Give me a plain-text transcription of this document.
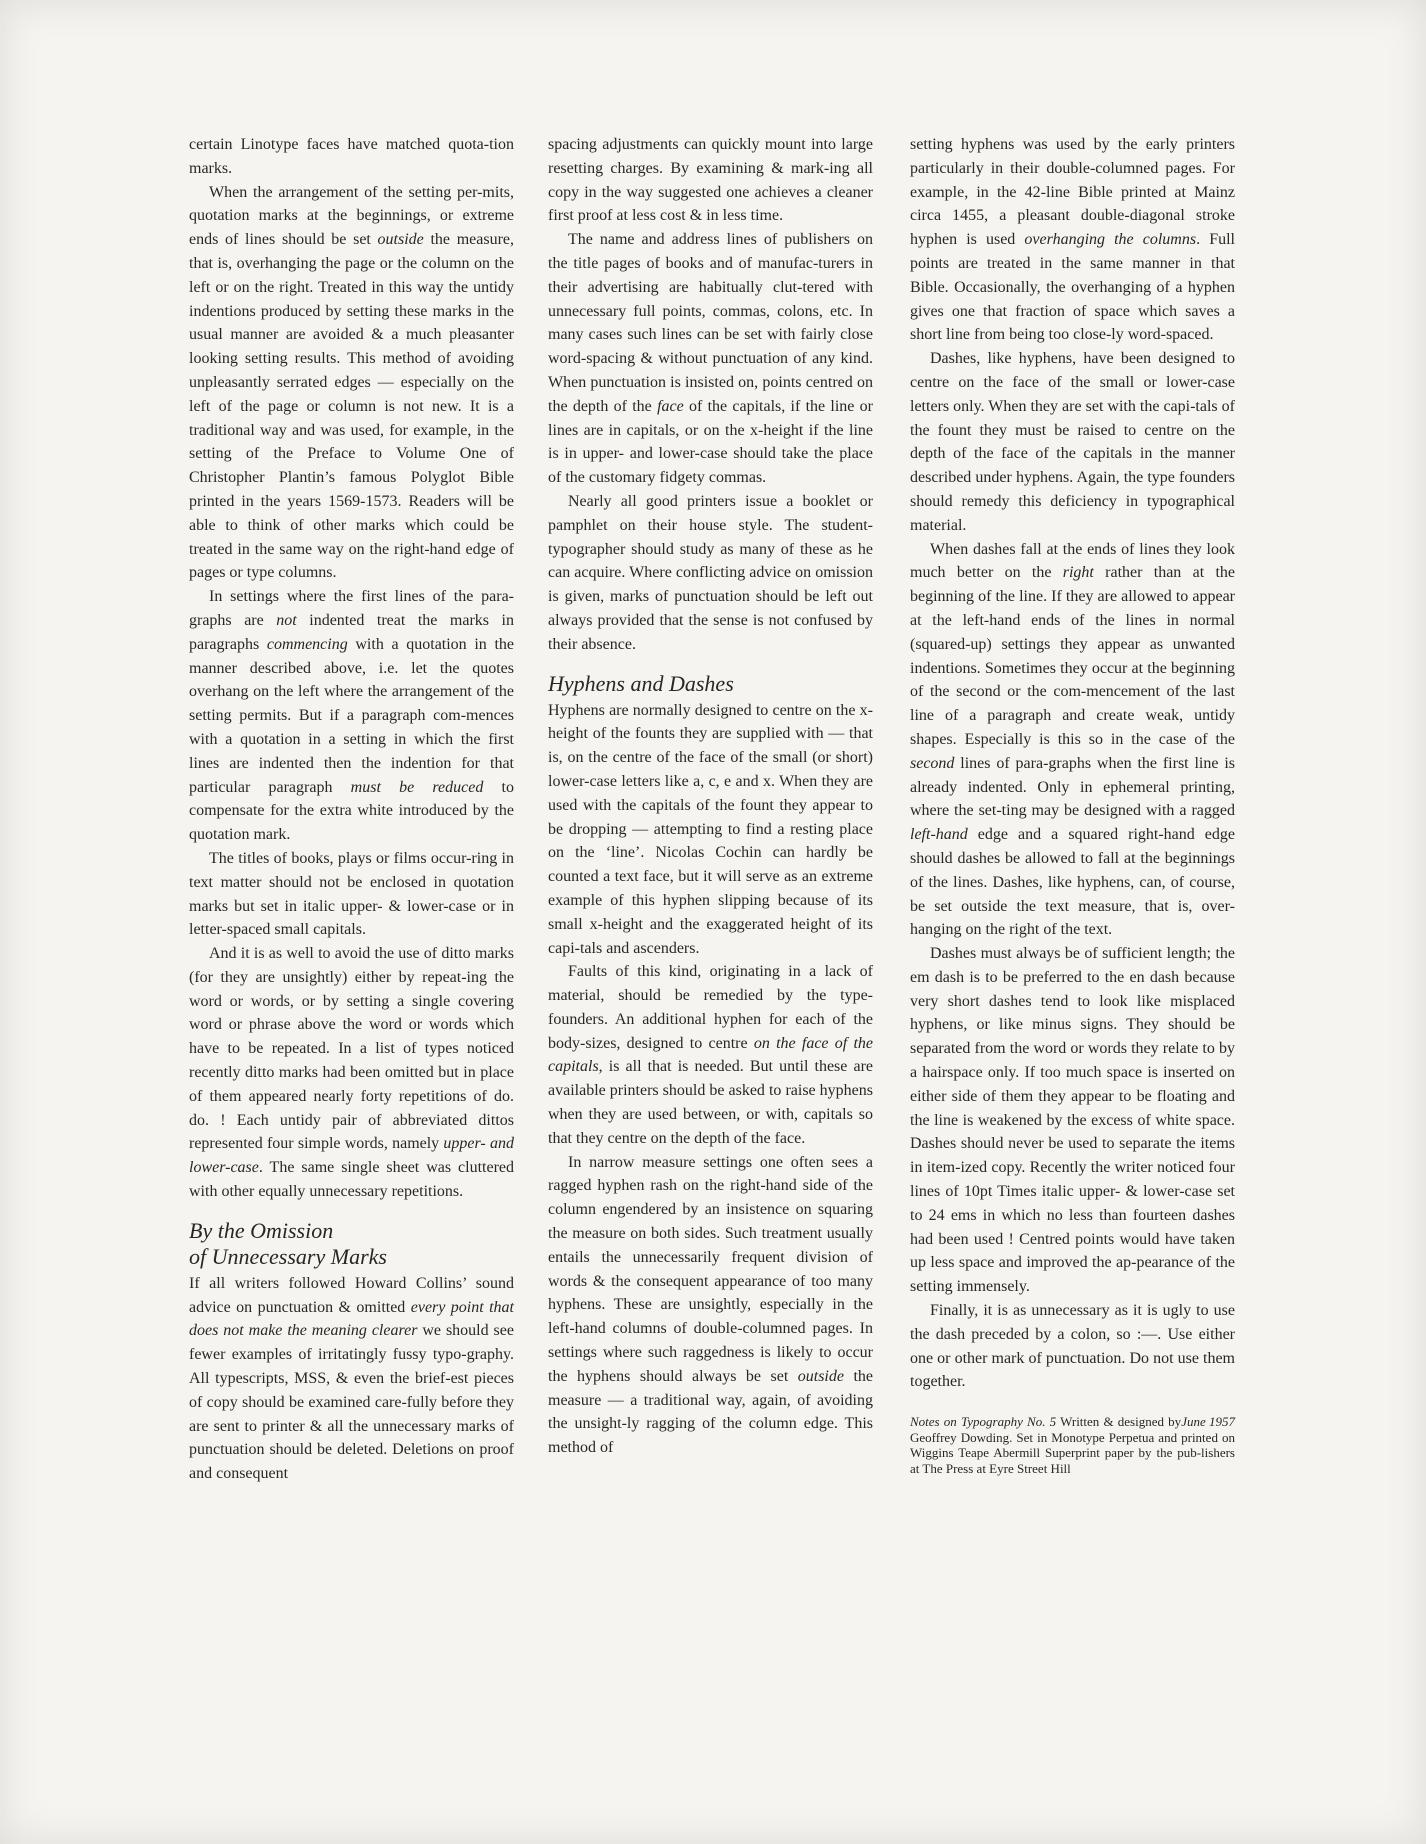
certain Linotype faces have matched quota-tion marks.

When the arrangement of the setting per-mits, quotation marks at the beginnings, or extreme ends of lines should be set outside the measure, that is, overhanging the page or the column on the left or on the right. Treated in this way the untidy indentions produced by setting these marks in the usual manner are avoided & a much pleasanter looking setting results. This method of avoiding unpleasantly serrated edges — especially on the left of the page or column is not new. It is a traditional way and was used, for example, in the setting of the Preface to Volume One of Christopher Plantin’s famous Polyglot Bible printed in the years 1569-1573. Readers will be able to think of other marks which could be treated in the same way on the right-hand edge of pages or type columns.

In settings where the first lines of the para-graphs are not indented treat the marks in paragraphs commencing with a quotation in the manner described above, i.e. let the quotes overhang on the left where the arrangement of the setting permits. But if a paragraph com-mences with a quotation in a setting in which the first lines are indented then the indention for that particular paragraph must be reduced to compensate for the extra white introduced by the quotation mark.

The titles of books, plays or films occur-ring in text matter should not be enclosed in quotation marks but set in italic upper- & lower-case or in letter-spaced small capitals.

And it is as well to avoid the use of ditto marks (for they are unsightly) either by repeat-ing the word or words, or by setting a single covering word or phrase above the word or words which have to be repeated. In a list of types noticed recently ditto marks had been omitted but in place of them appeared nearly forty repetitions of do. do. ! Each untidy pair of abbreviated dittos represented four simple words, namely upper- and lower-case. The same single sheet was cluttered with other equally unnecessary repetitions.

By the Omission
of Unnecessary Marks

If all writers followed Howard Collins’ sound advice on punctuation & omitted every point that does not make the meaning clearer we should see fewer examples of irritatingly fussy typo-graphy. All typescripts, MSS, & even the brief-est pieces of copy should be examined care-fully before they are sent to printer & all the unnecessary marks of punctuation should be deleted. Deletions on proof and consequent

spacing adjustments can quickly mount into large resetting charges. By examining & mark-ing all copy in the way suggested one achieves a cleaner first proof at less cost & in less time.

The name and address lines of publishers on the title pages of books and of manufac-turers in their advertising are habitually clut-tered with unnecessary full points, commas, colons, etc. In many cases such lines can be set with fairly close word-spacing & without punctuation of any kind. When punctuation is insisted on, points centred on the depth of the face of the capitals, if the line or lines are in capitals, or on the x-height if the line is in upper- and lower-case should take the place of the customary fidgety commas.

Nearly all good printers issue a booklet or pamphlet on their house style. The student-typographer should study as many of these as he can acquire. Where conflicting advice on omission is given, marks of punctuation should be left out always provided that the sense is not confused by their absence.

Hyphens and Dashes

Hyphens are normally designed to centre on the x-height of the founts they are supplied with — that is, on the centre of the face of the small (or short) lower-case letters like a, c, e and x. When they are used with the capitals of the fount they appear to be dropping — attempting to find a resting place on the ‘line’. Nicolas Cochin can hardly be counted a text face, but it will serve as an extreme example of this hyphen slipping because of its small x-height and the exaggerated height of its capi-tals and ascenders.

Faults of this kind, originating in a lack of material, should be remedied by the type-founders. An additional hyphen for each of the body-sizes, designed to centre on the face of the capitals, is all that is needed. But until these are available printers should be asked to raise hyphens when they are used between, or with, capitals so that they centre on the depth of the face.

In narrow measure settings one often sees a ragged hyphen rash on the right-hand side of the column engendered by an insistence on squaring the measure on both sides. Such treatment usually entails the unnecessarily frequent division of words & the consequent appearance of too many hyphens. These are unsightly, especially in the left-hand columns of double-columned pages. In settings where such raggedness is likely to occur the hyphens should always be set outside the measure — a traditional way, again, of avoiding the unsight-ly ragging of the column edge. This method of

setting hyphens was used by the early printers particularly in their double-columned pages. For example, in the 42-line Bible printed at Mainz circa 1455, a pleasant double-diagonal stroke hyphen is used overhanging the columns. Full points are treated in the same manner in that Bible. Occasionally, the overhanging of a hyphen gives one that fraction of space which saves a short line from being too close-ly word-spaced.

Dashes, like hyphens, have been designed to centre on the face of the small or lower-case letters only. When they are set with the capi-tals of the fount they must be raised to centre on the depth of the face of the capitals in the manner described under hyphens. Again, the type founders should remedy this deficiency in typographical material.

When dashes fall at the ends of lines they look much better on the right rather than at the beginning of the line. If they are allowed to appear at the left-hand ends of the lines in normal (squared-up) settings they appear as unwanted indentions. Sometimes they occur at the beginning of the second or the com-mencement of the last line of a paragraph and create weak, untidy shapes. Especially is this so in the case of the second lines of para-graphs when the first line is already indented. Only in ephemeral printing, where the set-ting may be designed with a ragged left-hand edge and a squared right-hand edge should dashes be allowed to fall at the beginnings of the lines. Dashes, like hyphens, can, of course, be set outside the text measure, that is, over-hanging on the right of the text.

Dashes must always be of sufficient length; the em dash is to be preferred to the en dash because very short dashes tend to look like misplaced hyphens, or like minus signs. They should be separated from the word or words they relate to by a hairspace only. If too much space is inserted on either side of them they appear to be floating and the line is weakened by the excess of white space. Dashes should never be used to separate the items in item-ized copy. Recently the writer noticed four lines of 10pt Times italic upper- & lower-case set to 24 ems in which no less than fourteen dashes had been used ! Centred points would have taken up less space and improved the ap-pearance of the setting immensely.

Finally, it is as unnecessary as it is ugly to use the dash preceded by a colon, so :—. Use either one or other mark of punctuation. Do not use them together.

June 1957
Notes on Typography No. 5 Written & designed by Geoffrey Dowding. Set in Monotype Perpetua and printed on Wiggins Teape Abermill Superprint paper by the pub-lishers at The Press at Eyre Street Hill
